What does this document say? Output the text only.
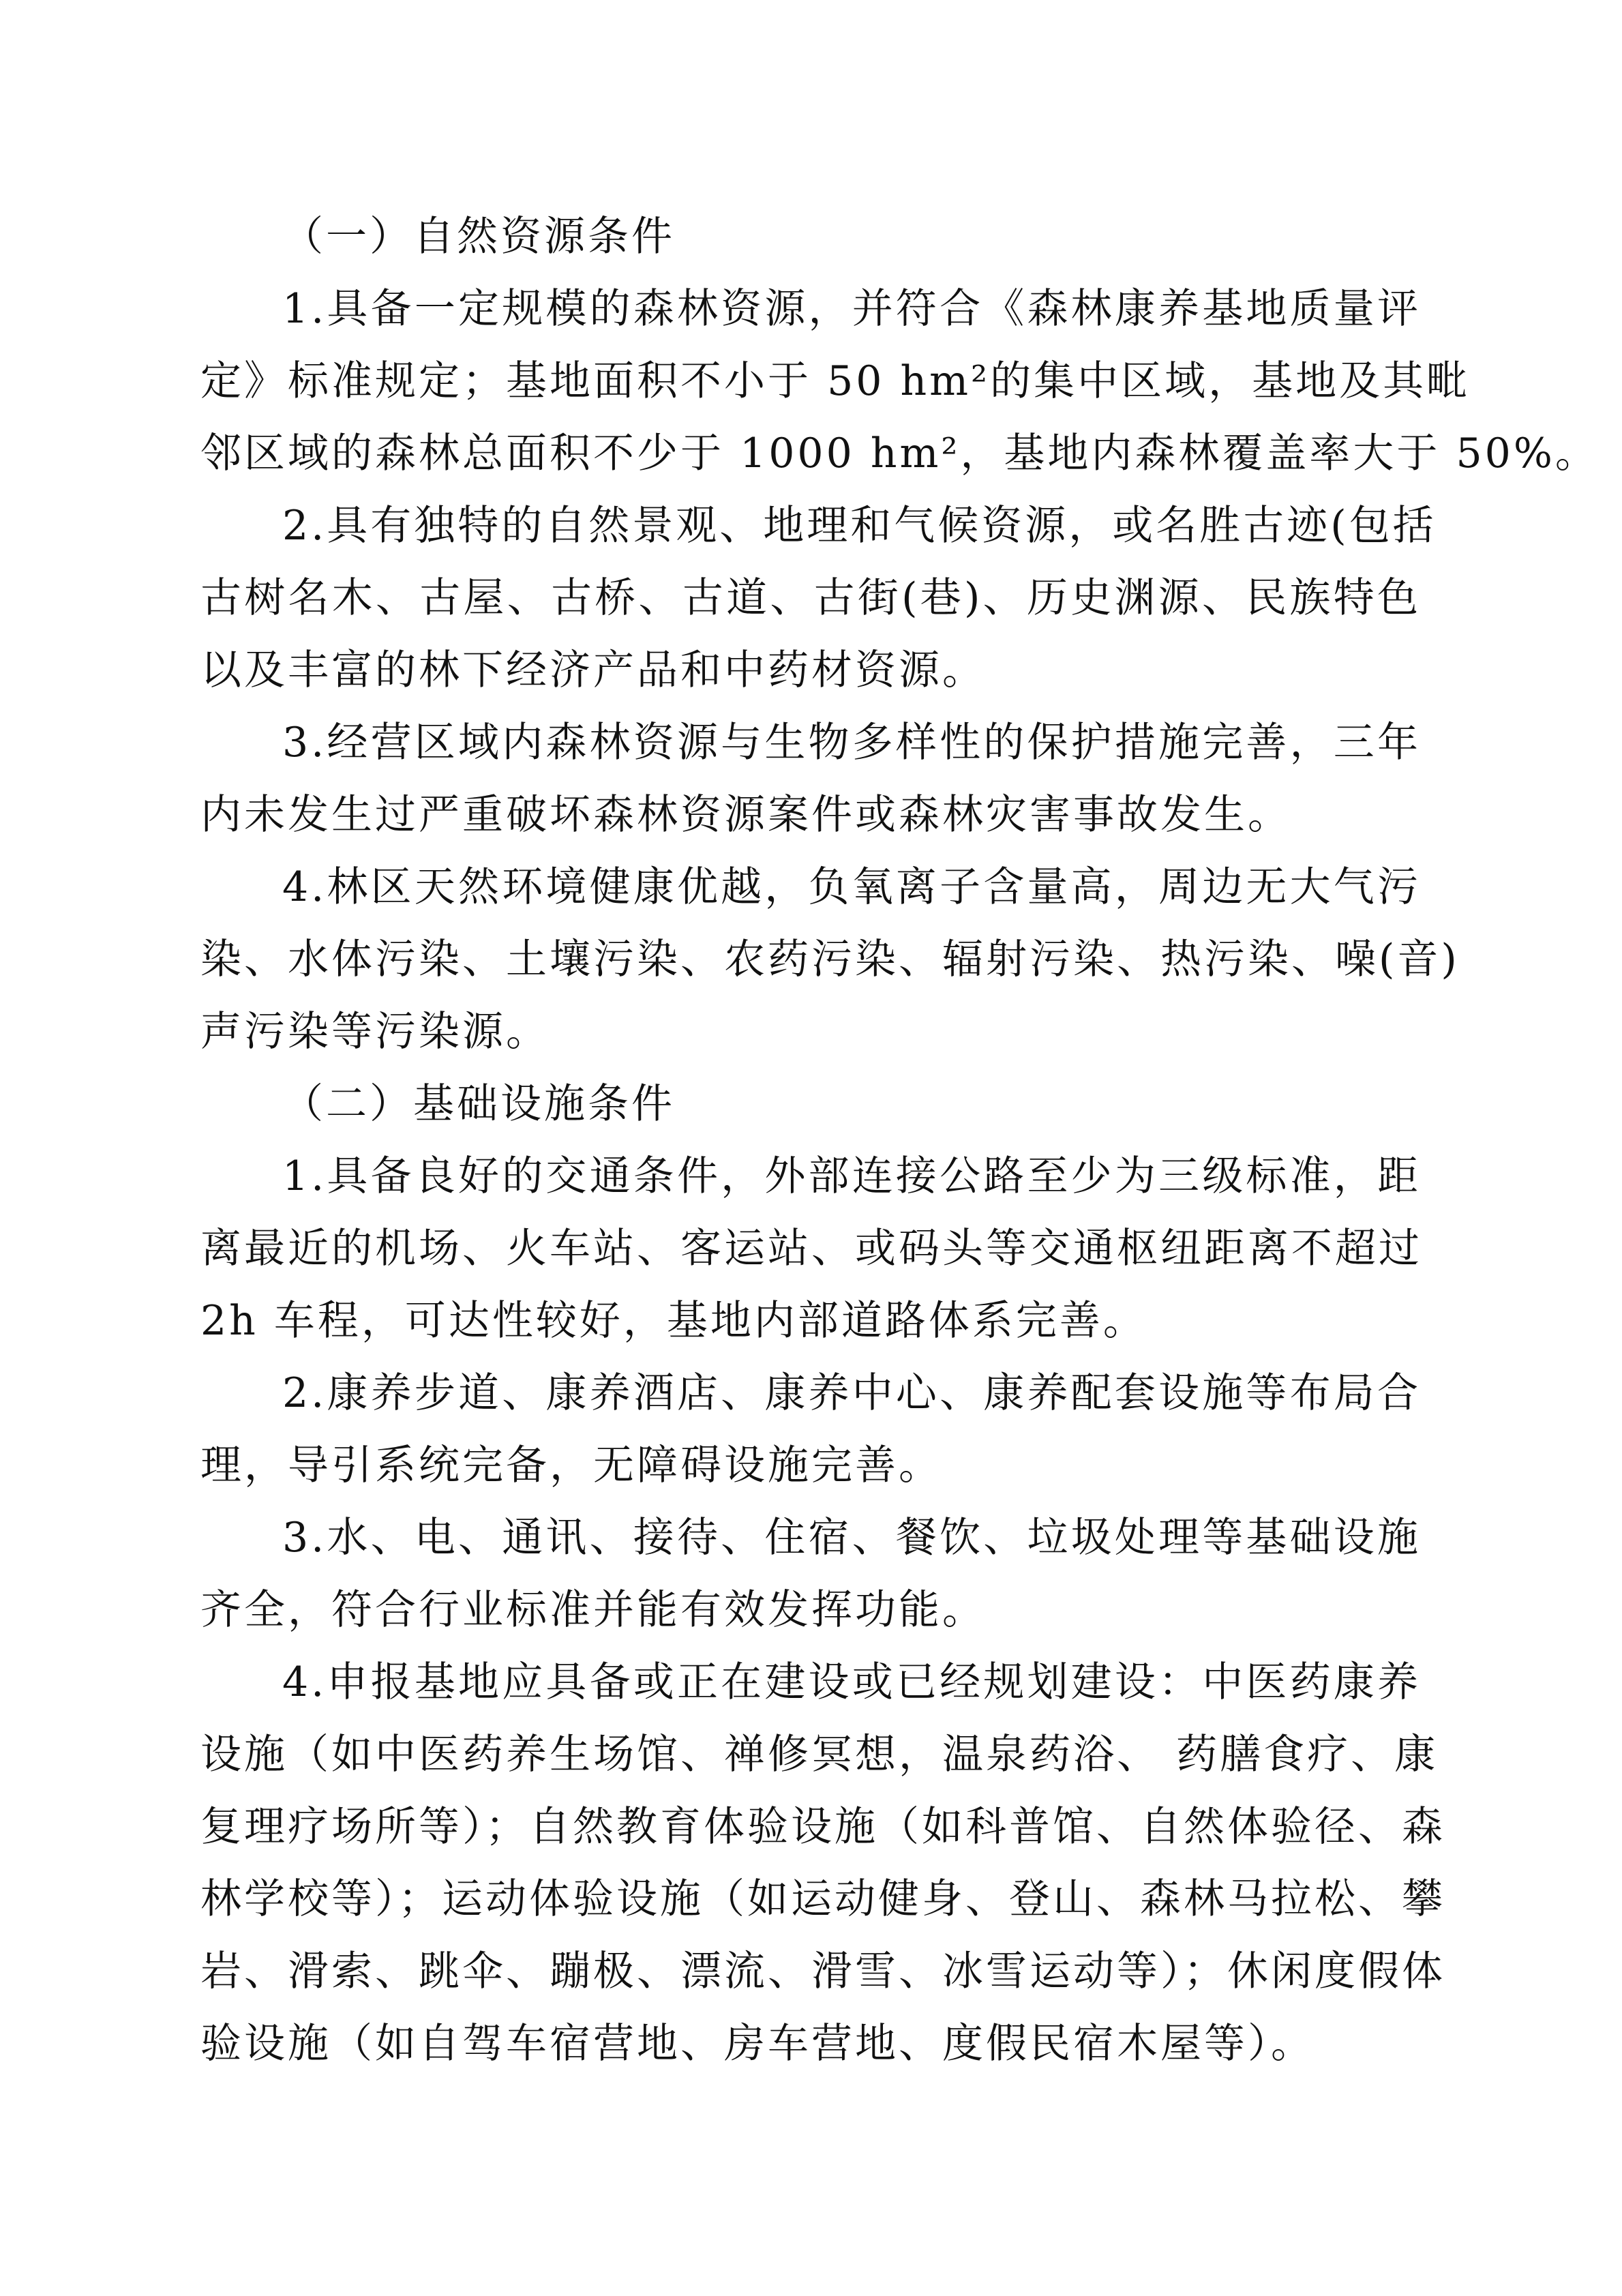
（一）自然资源条件
1.具备一定规模的森林资源，并符合《森林康养基地质量评
定》标准规定；基地面积不小于 50 hm²的集中区域，基地及其毗
邻区域的森林总面积不少于 1000 hm²，基地内森林覆盖率大于 50%。
2.具有独特的自然景观、地理和气候资源，或名胜古迹(包括
古树名木、古屋、古桥、古道、古街(巷)、历史渊源、民族特色
以及丰富的林下经济产品和中药材资源。
3.经营区域内森林资源与生物多样性的保护措施完善，三年
内未发生过严重破坏森林资源案件或森林灾害事故发生。
4.林区天然环境健康优越，负氧离子含量高，周边无大气污
染、水体污染、土壤污染、农药污染、辐射污染、热污染、噪(音)
声污染等污染源。
（二）基础设施条件
1.具备良好的交通条件，外部连接公路至少为三级标准，距
离最近的机场、火车站、客运站、或码头等交通枢纽距离不超过
2h 车程，可达性较好，基地内部道路体系完善。
2.康养步道、康养酒店、康养中心、康养配套设施等布局合
理，导引系统完备，无障碍设施完善。
3.水、电、通讯、接待、住宿、餐饮、垃圾处理等基础设施
齐全，符合行业标准并能有效发挥功能。
4.申报基地应具备或正在建设或已经规划建设：中医药康养
设施（如中医药养生场馆、禅修冥想，温泉药浴、 药膳食疗、康
复理疗场所等）；自然教育体验设施（如科普馆、自然体验径、森
林学校等）；运动体验设施（如运动健身、登山、森林马拉松、攀
岩、滑索、跳伞、蹦极、漂流、滑雪、冰雪运动等）；休闲度假体
验设施（如自驾车宿营地、房车营地、度假民宿木屋等）。
